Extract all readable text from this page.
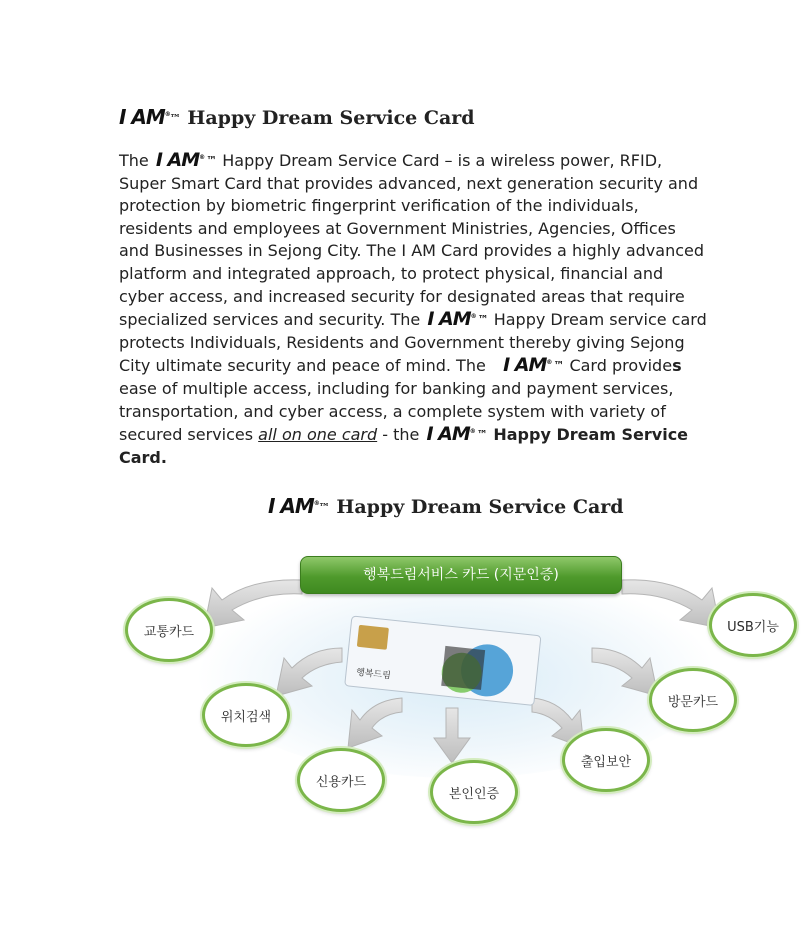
I AM®™ Happy Dream Service Card
The I AM® ™ Happy Dream Service Card – is a wireless power, RFID, Super Smart Card that provides advanced, next generation security and protection by biometric fingerprint verification of the individuals, residents and employees at Government Ministries, Agencies, Offices and Businesses in Sejong City. The I AM Card provides a highly advanced platform and integrated approach, to protect physical, financial and cyber access, and increased security for designated areas that require specialized services and security. The I AM® ™ Happy Dream service card protects Individuals, Residents and Government thereby giving Sejong City ultimate security and peace of mind. The I AM® ™ Card provides ease of multiple access, including for banking and payment services, transportation, and cyber access, a complete system with variety of secured services all on one card - the I AM® ™ Happy Dream Service Card.
I AM®™ Happy Dream Service Card
행복드림
행복드림서비스 카드 (지문인증)
교통카드
위치검색
신용카드
본인인증
출입보안
방문카드
USB기능
